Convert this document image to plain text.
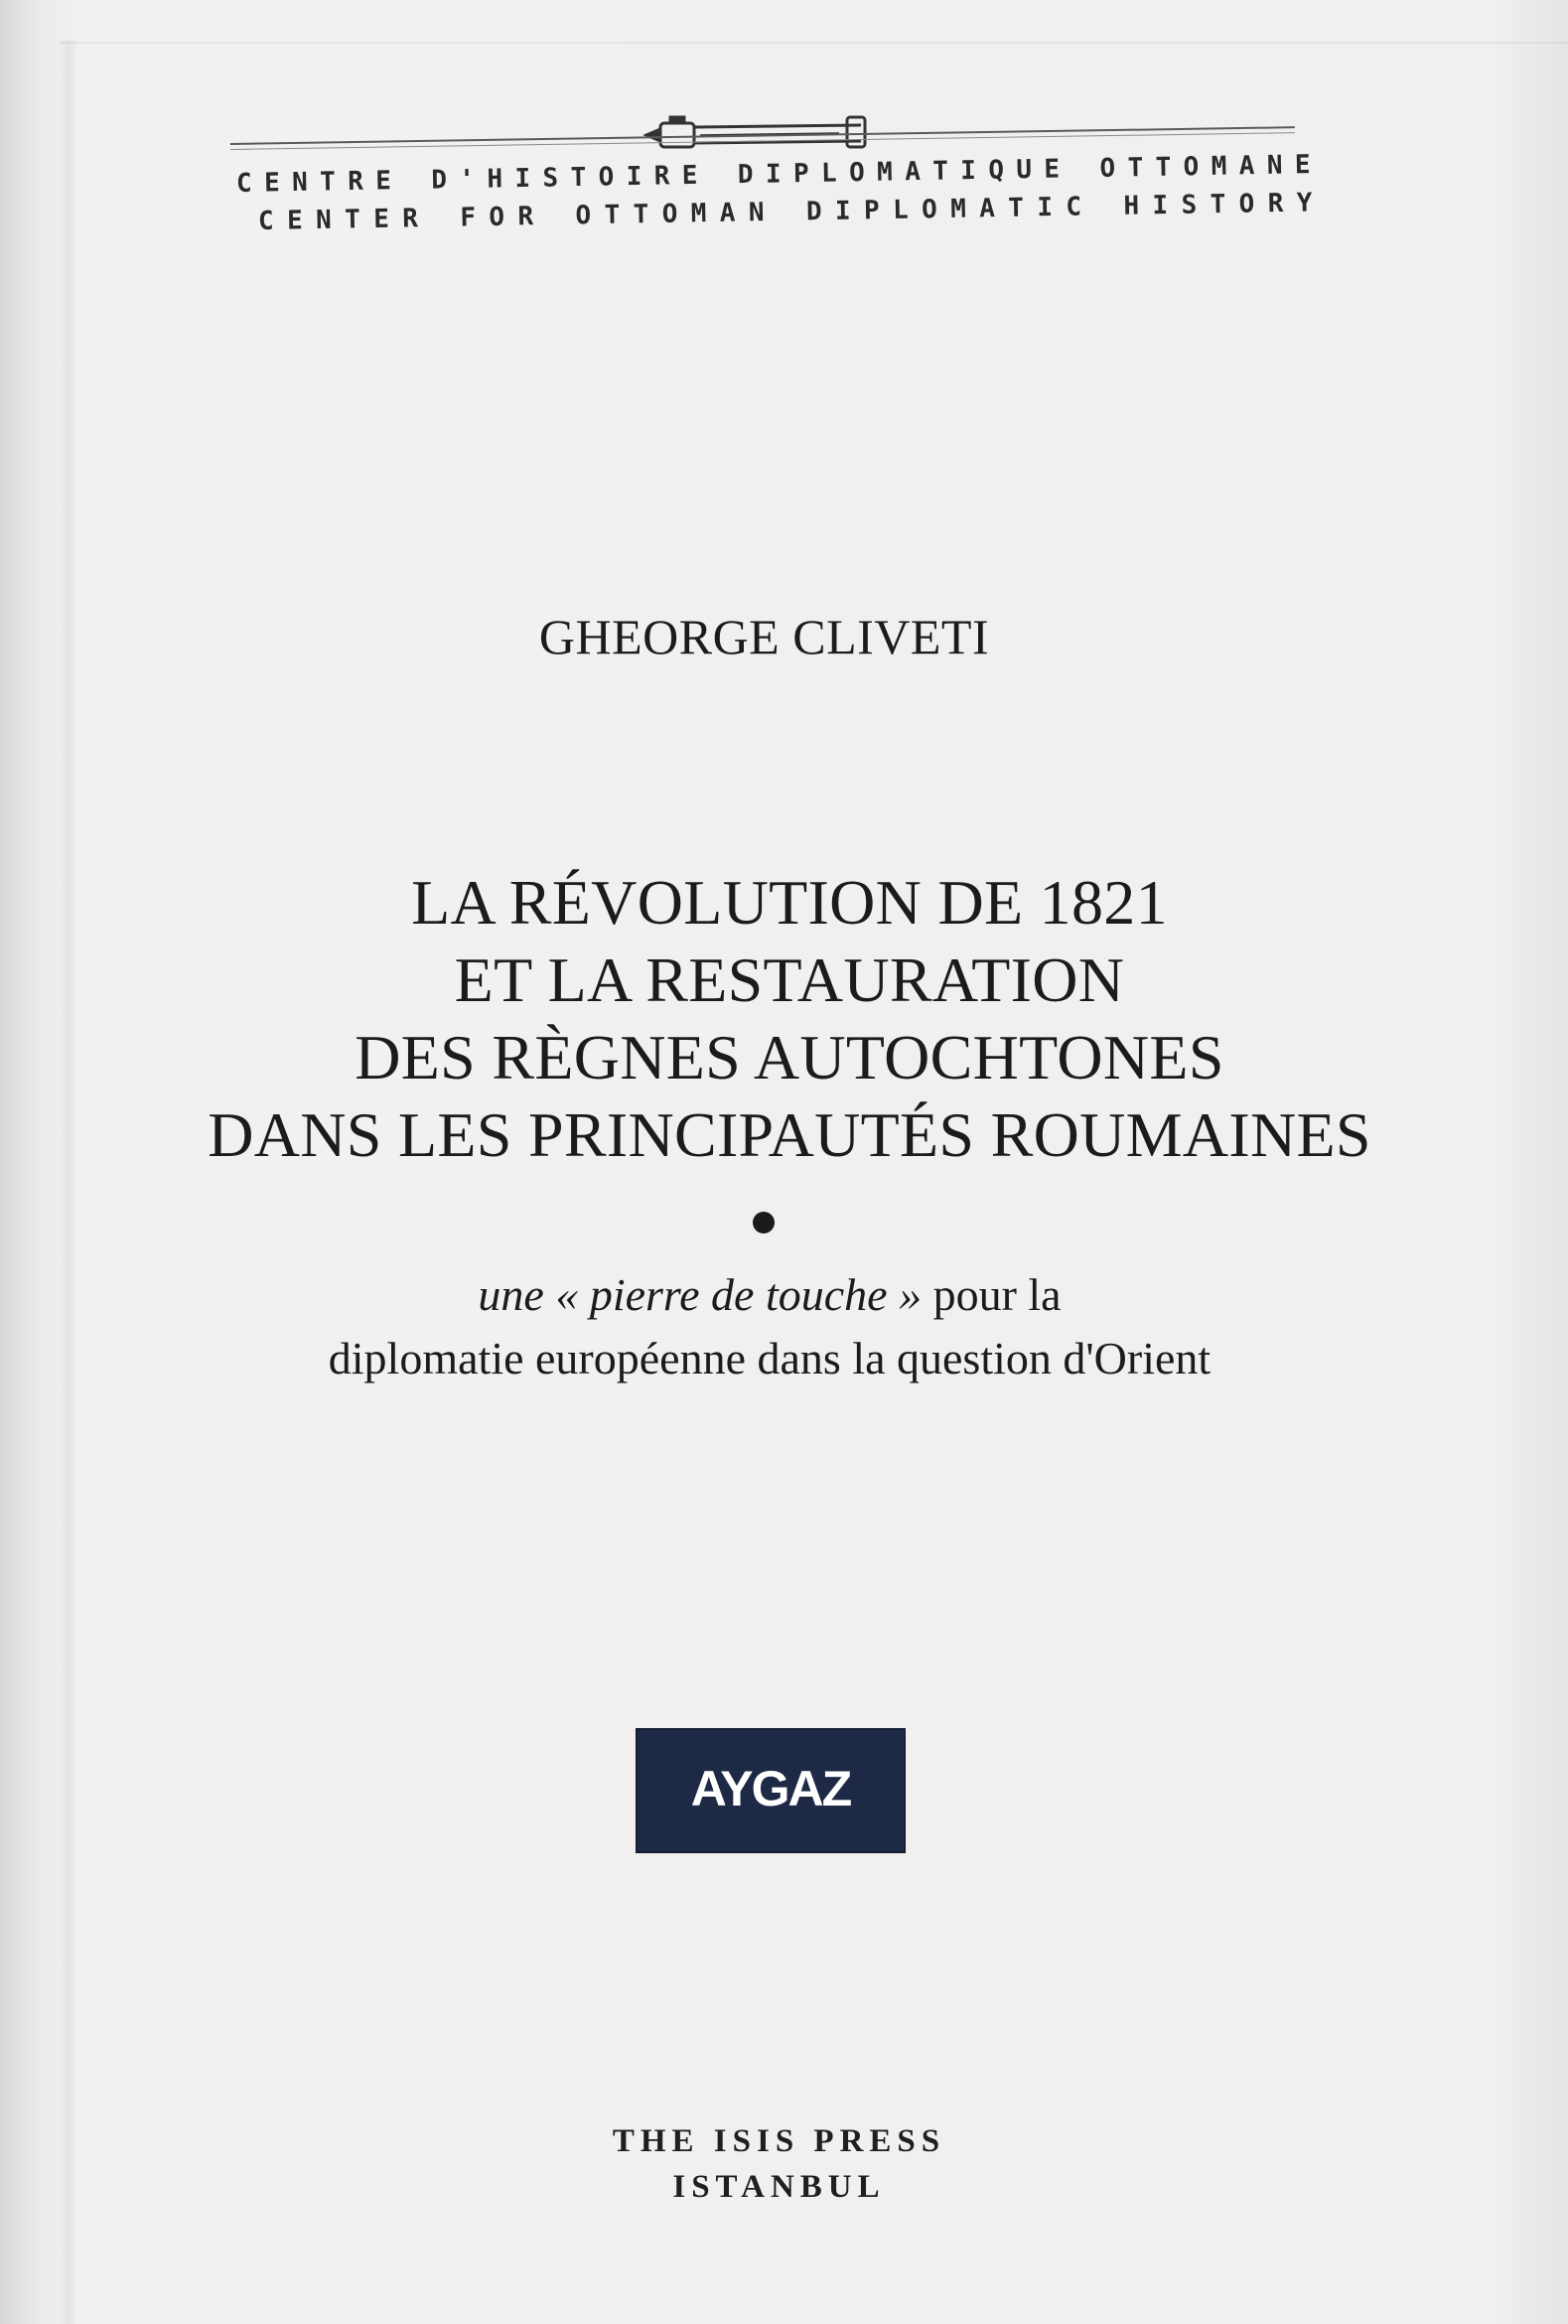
CENTRE D'HISTOIRE DIPLOMATIQUE OTTOMANE
CENTER FOR OTTOMAN DIPLOMATIC HISTORY
GHEORGE CLIVETI
LA RÉVOLUTION DE 1821
ET LA RESTAURATION
DES RÈGNES AUTOCHTONES
DANS LES PRINCIPAUTÉS ROUMAINES
une « pierre de touche » pour la
diplomatie européenne dans la question d'Orient
AYGAZ
THE ISIS PRESS
ISTANBUL
